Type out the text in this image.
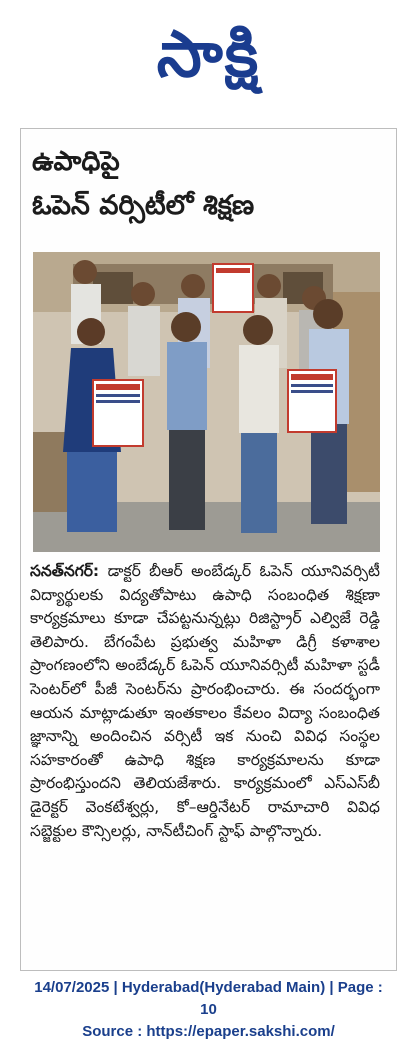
సాక్షి
ఉపాధిపై
ఓపెన్ వర్సిటీలో శిక్షణ
సనత్‌నగర్: డాక్టర్ బీఆర్ అంబేడ్కర్ ఓపెన్ యూనివర్సిటీ విద్యార్థులకు విద్యతోపాటు ఉపాధి సంబంధిత శిక్షణా కార్యక్రమాలు కూడా చేపట్టనున్నట్లు రిజిస్ట్రార్ ఎల్విజే రెడ్డి తెలిపారు. బేగంపేట ప్రభుత్వ మహిళా డిగ్రీ కళాశాల ప్రాంగణంలోని అంబేడ్కర్ ఓపెన్ యూనివర్సిటీ మహిళా స్టడీ సెంటర్‌లో పీజీ సెంటర్‌ను ప్రారంభించారు. ఈ సందర్భంగా ఆయన మాట్లాడుతూ ఇంతకాలం కేవలం విద్యా సంబంధిత జ్ఞానాన్ని అందించిన వర్సిటీ ఇక నుంచి వివిధ సంస్థల సహకారంతో ఉపాధి శిక్షణ కార్యక్రమాలను కూడా ప్రారంభిస్తుందని తెలియజేశారు. కార్యక్రమంలో ఎస్ఎస్‌బీ డైరెక్టర్ వెంకటేశ్వర్లు, కో–ఆర్డినేటర్ రామాచారి వివిధ సబ్జెక్టుల కౌన్సిలర్లు, నాన్‌టీచింగ్ స్టాఫ్ పాల్గొన్నారు.
14/07/2025 | Hyderabad(Hyderabad Main) | Page :
10
Source : https://epaper.sakshi.com/
